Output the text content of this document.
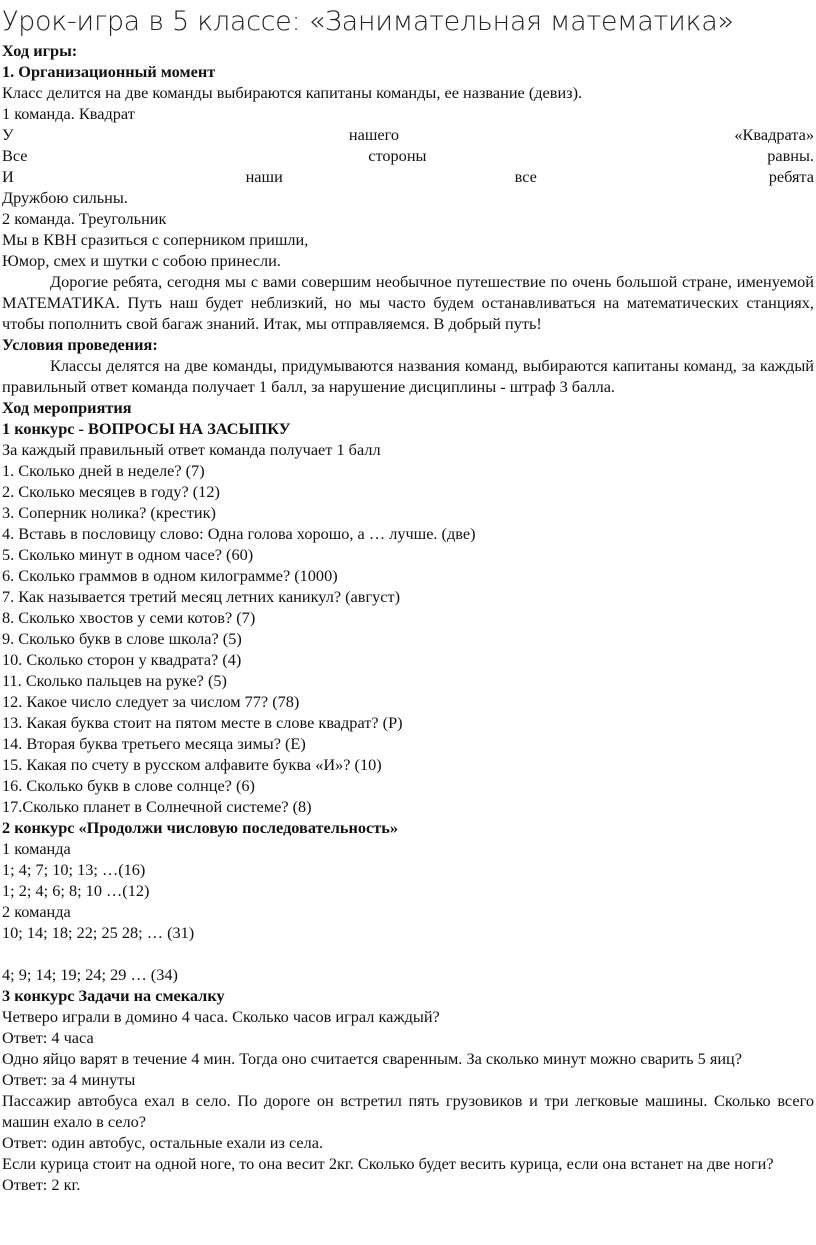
Урок-игра в 5 классе: «Занимательная математика»
Ход игры:
1. Организационный момент
Класс делится на две команды выбираются капитаны команды, ее название (девиз).
1 команда. Квадрат
У	нашего	«Квадрата»
Все	стороны	равны.
И	наши	все	ребята
Дружбою сильны.
2 команда. Треугольник
Мы в КВН сразиться с соперником пришли,
Юмор, смех и шутки с собою принесли.
Дорогие ребята, сегодня мы с вами совершим необычное путешествие по очень большой стране, именуемой МАТЕМАТИКА. Путь наш будет неблизкий, но мы часто будем останавливаться на математических станциях, чтобы пополнить свой багаж знаний. Итак, мы отправляемся. В добрый путь!
Условия проведения:
Классы делятся на две команды, придумываются названия команд, выбираются капитаны команд, за каждый правильный ответ команда получает 1 балл, за нарушение дисциплины - штраф 3 балла.
Ход мероприятия
1 конкурс - ВОПРОСЫ НА ЗАСЫПКУ
За каждый правильный ответ команда получает 1 балл
1. Сколько дней в неделе? (7)
2. Сколько месяцев в году? (12)
3. Соперник нолика? (крестик)
4. Вставь в пословицу слово: Одна голова хорошо, а … лучше. (две)
5. Сколько минут в одном часе? (60)
6. Сколько граммов в одном килограмме? (1000)
7. Как называется третий месяц летних каникул? (август)
8. Сколько хвостов у семи котов? (7)
9. Сколько букв в слове школа? (5)
10. Сколько сторон у квадрата? (4)
11. Сколько пальцев на руке? (5)
12. Какое число следует за числом 77? (78)
13. Какая буква стоит на пятом месте в слове квадрат? (Р)
14. Вторая буква третьего месяца зимы? (Е)
15. Какая по счету в русском алфавите буква «И»? (10)
16. Сколько букв в слове солнце? (6)
17.Сколько планет в Солнечной системе? (8)
2 конкурс «Продолжи числовую последовательность»
1 команда
1; 4; 7; 10; 13; …(16)
1; 2; 4; 6; 8; 10 …(12)
2 команда
10; 14; 18; 22; 25 28; … (31)
4; 9; 14; 19; 24; 29 … (34)
3 конкурс Задачи на смекалку
Четверо играли в домино 4 часа. Сколько часов играл каждый?
Ответ: 4 часа
Одно яйцо варят в течение 4 мин. Тогда оно считается сваренным. За сколько минут можно сварить 5 яиц?
Ответ: за 4 минуты
Пассажир автобуса ехал в село. По дороге он встретил пять грузовиков и три легковые машины. Сколько всего машин ехало в село?
Ответ: один автобус, остальные ехали из села.
Если курица стоит на одной ноге, то она весит 2кг. Сколько будет весить курица, если она встанет на две ноги?
Ответ: 2 кг.
